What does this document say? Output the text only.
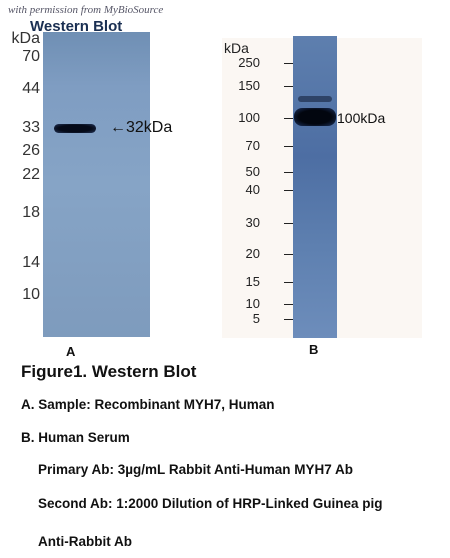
with permission from MyBioSource
Western Blot
kDa
70
44
33
26
22
18
14
10
←32kDa
A
kDa
250
150
100
70
50
40
30
20
15
10
5
100kDa
B
Figure1. Western Blot
A. Sample: Recombinant MYH7, Human
B. Human Serum
Primary Ab: 3µg/mL Rabbit Anti-Human MYH7 Ab
Second Ab: 1:2000 Dilution of HRP-Linked Guinea pig
Anti-Rabbit Ab
